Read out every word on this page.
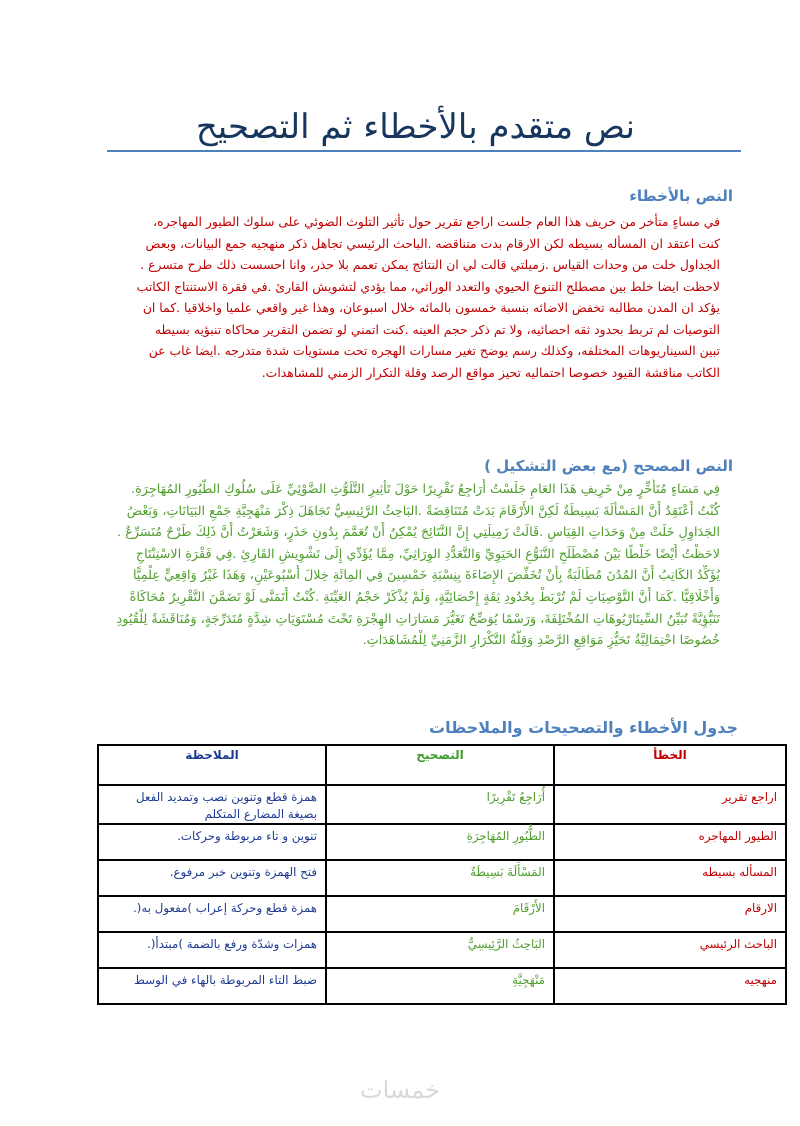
نص متقدم بالأخطاء ثم التصحيح
النص بالأخطاء

في مساءٍ متأخر من خريف هذا العام جلست اراجع تقرير حول تأثير التلوث الضوئي على سلوك الطيور المهاجره،
كنت اعتقد ان المسأله بسيطه لكن الارقام بدت متناقضه .الباحث الرئيسي تجاهل ذكر منهجيه جمع البيانات، وبعض
الجداول خلت من وحدات القياس .زميلتي قالت لي ان النتائج يمكن تعمم بلا حذر، وانا احسست ذلك طرح متسرع .
لاحظت ايضا خلط بين مصطلح التنوع الحيوي والتعدد الوراثي، مما يؤدي لتشويش القارئ .في فقرة الاستنتاج الكاتب
يؤكد ان المدن مطالبه تخفض الاضائه بنسبة خمسون بالمائه خلال اسبوعان، وهذا غير واقعي علميا واخلاقيا .كما ان
التوصيات لم تربط بحدود ثقه احصائيه، ولا تم ذكر حجم العينه .كنت اتمني لو تضمن التقرير محاكاه تنبؤيه بسيطه
تبين السيناريوهات المختلفه، وكذلك رسم يوضح تغير مسارات الهجره تحت مستويات شدة متدرجه .ايضا غاب عن
الكاتب مناقشة القيود خصوصا احتماليه تحيز مواقع الرصد وقلة التكرار الزمني للمشاهدات.

النص المصحح (مع بعض التشكيل )

فِي مَسَاءٍ مُتَأَخِّرٍ مِنْ خَرِيفِ هَذَا العَامِ جَلَسْتُ أُرَاجِعُ تَقْرِيرًا حَوْلَ تَأْثِيرِ التَّلَوُّثِ الضَّوْئِيِّ عَلَى سُلُوكِ الطُّيُورِ المُهَاجِرَةِ.
كُنْتُ أَعْتَقِدُ أَنَّ المَسْأَلَةَ بَسِيطَةٌ لَكِنَّ الأَرْقَامَ بَدَتْ مُتَنَاقِضَةً .البَاحِثُ الرَّئِيسِيُّ تَجَاهَلَ ذِكْرَ مَنْهَجِيَّةِ جَمْعِ البَيَانَاتِ، وَبَعْضُ
الجَدَاوِلِ خَلَتْ مِنْ وَحَدَاتِ القِيَاسِ .قَالَتْ زَمِيلَتِي إِنَّ النَّتَائِجَ يُمْكِنُ أَنْ تُعَمَّمَ بِدُونِ حَذَرٍ، وَشَعَرْتُ أَنَّ ذَلِكَ طَرْحٌ مُتَسَرِّعٌ .
لاحَظْتُ أَيْضًا خَلْطًا بَيْنَ مُصْطَلَحِ التَّنَوُّعِ الحَيَوِيِّ وَالتَّعَدُّدِ الوِرَاثِيِّ، مِمَّا يُؤَدِّي إِلَى تَشْوِيشِ القَارِئِ .فِي فَقْرَةِ الاسْتِنْتَاجِ
يُؤَكِّدُ الكَاتِبُ أَنَّ المُدُنَ مُطَالَبَةٌ بِأَنْ تُخَفِّضَ الإِضَاءَةَ بِنِسْبَةِ خَمْسِينَ فِي المِائَةِ خِلالَ أُسْبُوعَيْنِ، وَهَذَا غَيْرُ وَاقِعِيٍّ عِلْمِيًّا
وَأَخْلَاقِيًّا .كَمَا أَنَّ التَّوْصِيَاتِ لَمْ تُرْبَطْ بِحُدُودِ ثِقَةٍ إِحْصَائِيَّةٍ، وَلَمْ يُذْكَرْ حَجْمُ العَيِّنَةِ .كُنْتُ أَتَمَنَّى لَوْ تَضَمَّنَ التَّقْرِيرُ مُحَاكَاةً
تَنَبُّؤِيَّةً تُبَيِّنُ السِّينَارْيُوهَاتِ المُخْتَلِفَةَ، وَرَسْمًا يُوَضِّحُ تَغَيُّرَ مَسَارَاتِ الهِجْرَةِ تَحْتَ مُسْتَوَيَاتِ شِدَّةٍ مُتَدَرِّجَةٍ، وَمُنَاقَشَةً لِلْقُيُودِ
خُصُوصًا احْتِمَالِيَّةُ تَحَيُّزِ مَوَاقِعِ الرَّصْدِ وَقِلَّةُ التَّكْرَارِ الزَّمَنِيِّ لِلْمُشَاهَدَاتِ.

جدول الأخطاء والتصحيحات والملاحظات
الخطأ	التصحيح	الملاحظة
اراجع تقرير	أُرَاجِعُ تَقْرِيرًا	همزة قطع وتنوين نصب وتمديد الفعل بصيغة المضارع المتكلم
الطيور المهاجره	الطُّيُورِ المُهَاجِرَةِ	تنوين و تاء مربوطة وحركات.
المسأله بسيطه	المَسْأَلَةَ بَسِيطَةٌ	فتح الهمزة وتنوين خبر مرفوع.
الارقام	الأَرْقَامَ	همزة قطع وحركة إعراب )مفعول به(.
الباحث الرئيسي	البَاحِثُ الرَّئِيسِيُّ	همزات وشدّة ورفع بالضمة )مبتدأ(.
منهجيه	مَنْهَجِيَّةِ	ضبط التاء المربوطة بالهاء في الوسط
خمسات
